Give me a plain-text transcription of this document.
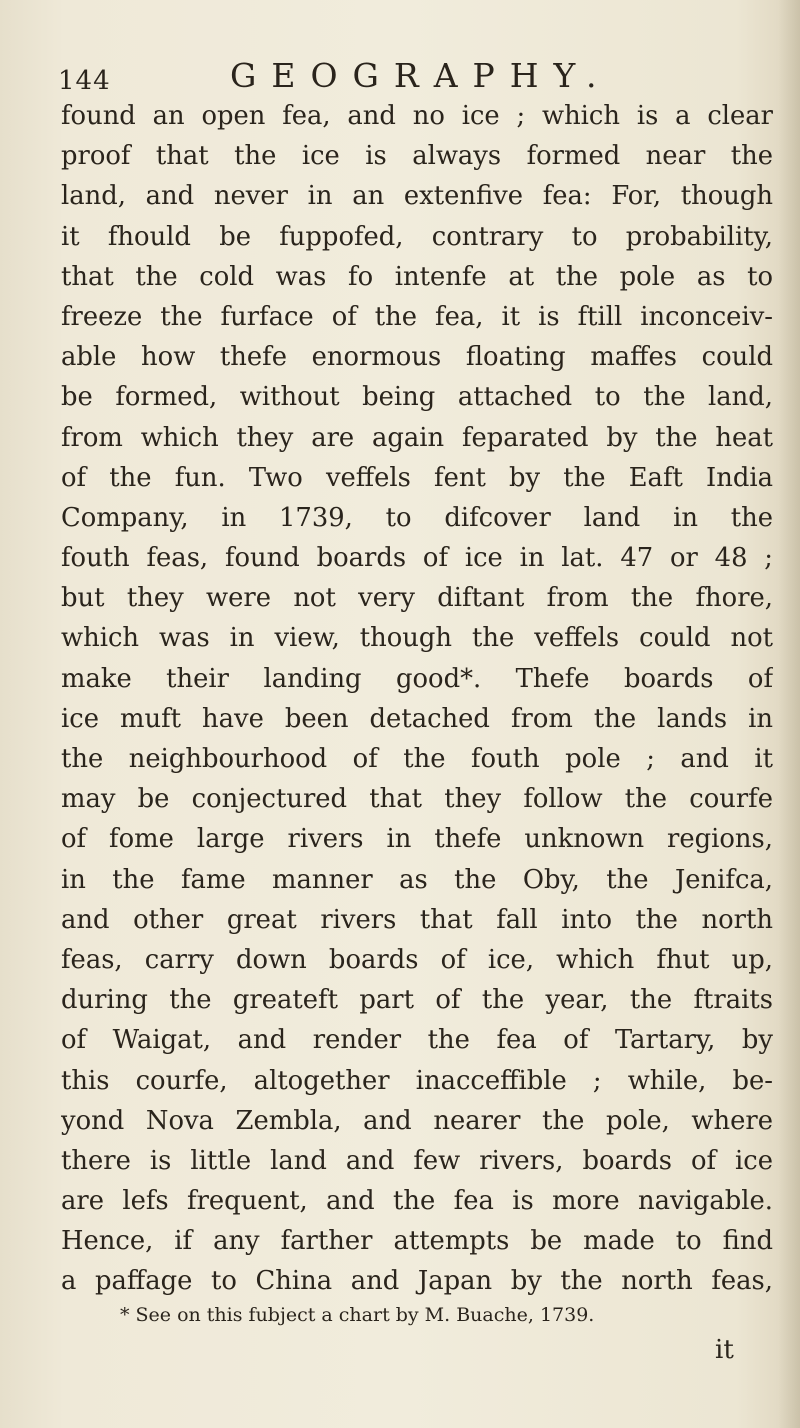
144	GEOGRAPHY.
found an open fea, and no ice ; which is a clear
proof that the ice is always formed near the
land, and never in an extenfive fea: For, though
it fhould be fuppofed, contrary to probability,
that the cold was fo intenfe at the pole as to
freeze the furface of the fea, it is ftill inconceiv-
able how thefe enormous floating maffes could
be formed, without being attached to the land,
from which they are again feparated by the heat
of the fun. Two veffels fent by the Eaft India
Company, in 1739, to difcover land in the
fouth feas, found boards of ice in lat. 47 or 48 ;
but they were not very diftant from the fhore,
which was in view, though the veffels could not
make their landing good*. Thefe boards of
ice muft have been detached from the lands in
the neighbourhood of the fouth pole ; and it
may be conjectured that they follow the courfe
of fome large rivers in thefe unknown regions,
in the fame manner as the Oby, the Jenifca,
and other great rivers that fall into the north
feas, carry down boards of ice, which fhut up,
during the greateft part of the year, the ftraits
of Waigat, and render the fea of Tartary, by
this courfe, altogether inacceffible ; while, be-
yond Nova Zembla, and nearer the pole, where
there is little land and few rivers, boards of ice
are lefs frequent, and the fea is more navigable.
Hence, if any farther attempts be made to find
a paffage to China and Japan by the north feas,
* See on this fubject a chart by M. Buache, 1739.
it
